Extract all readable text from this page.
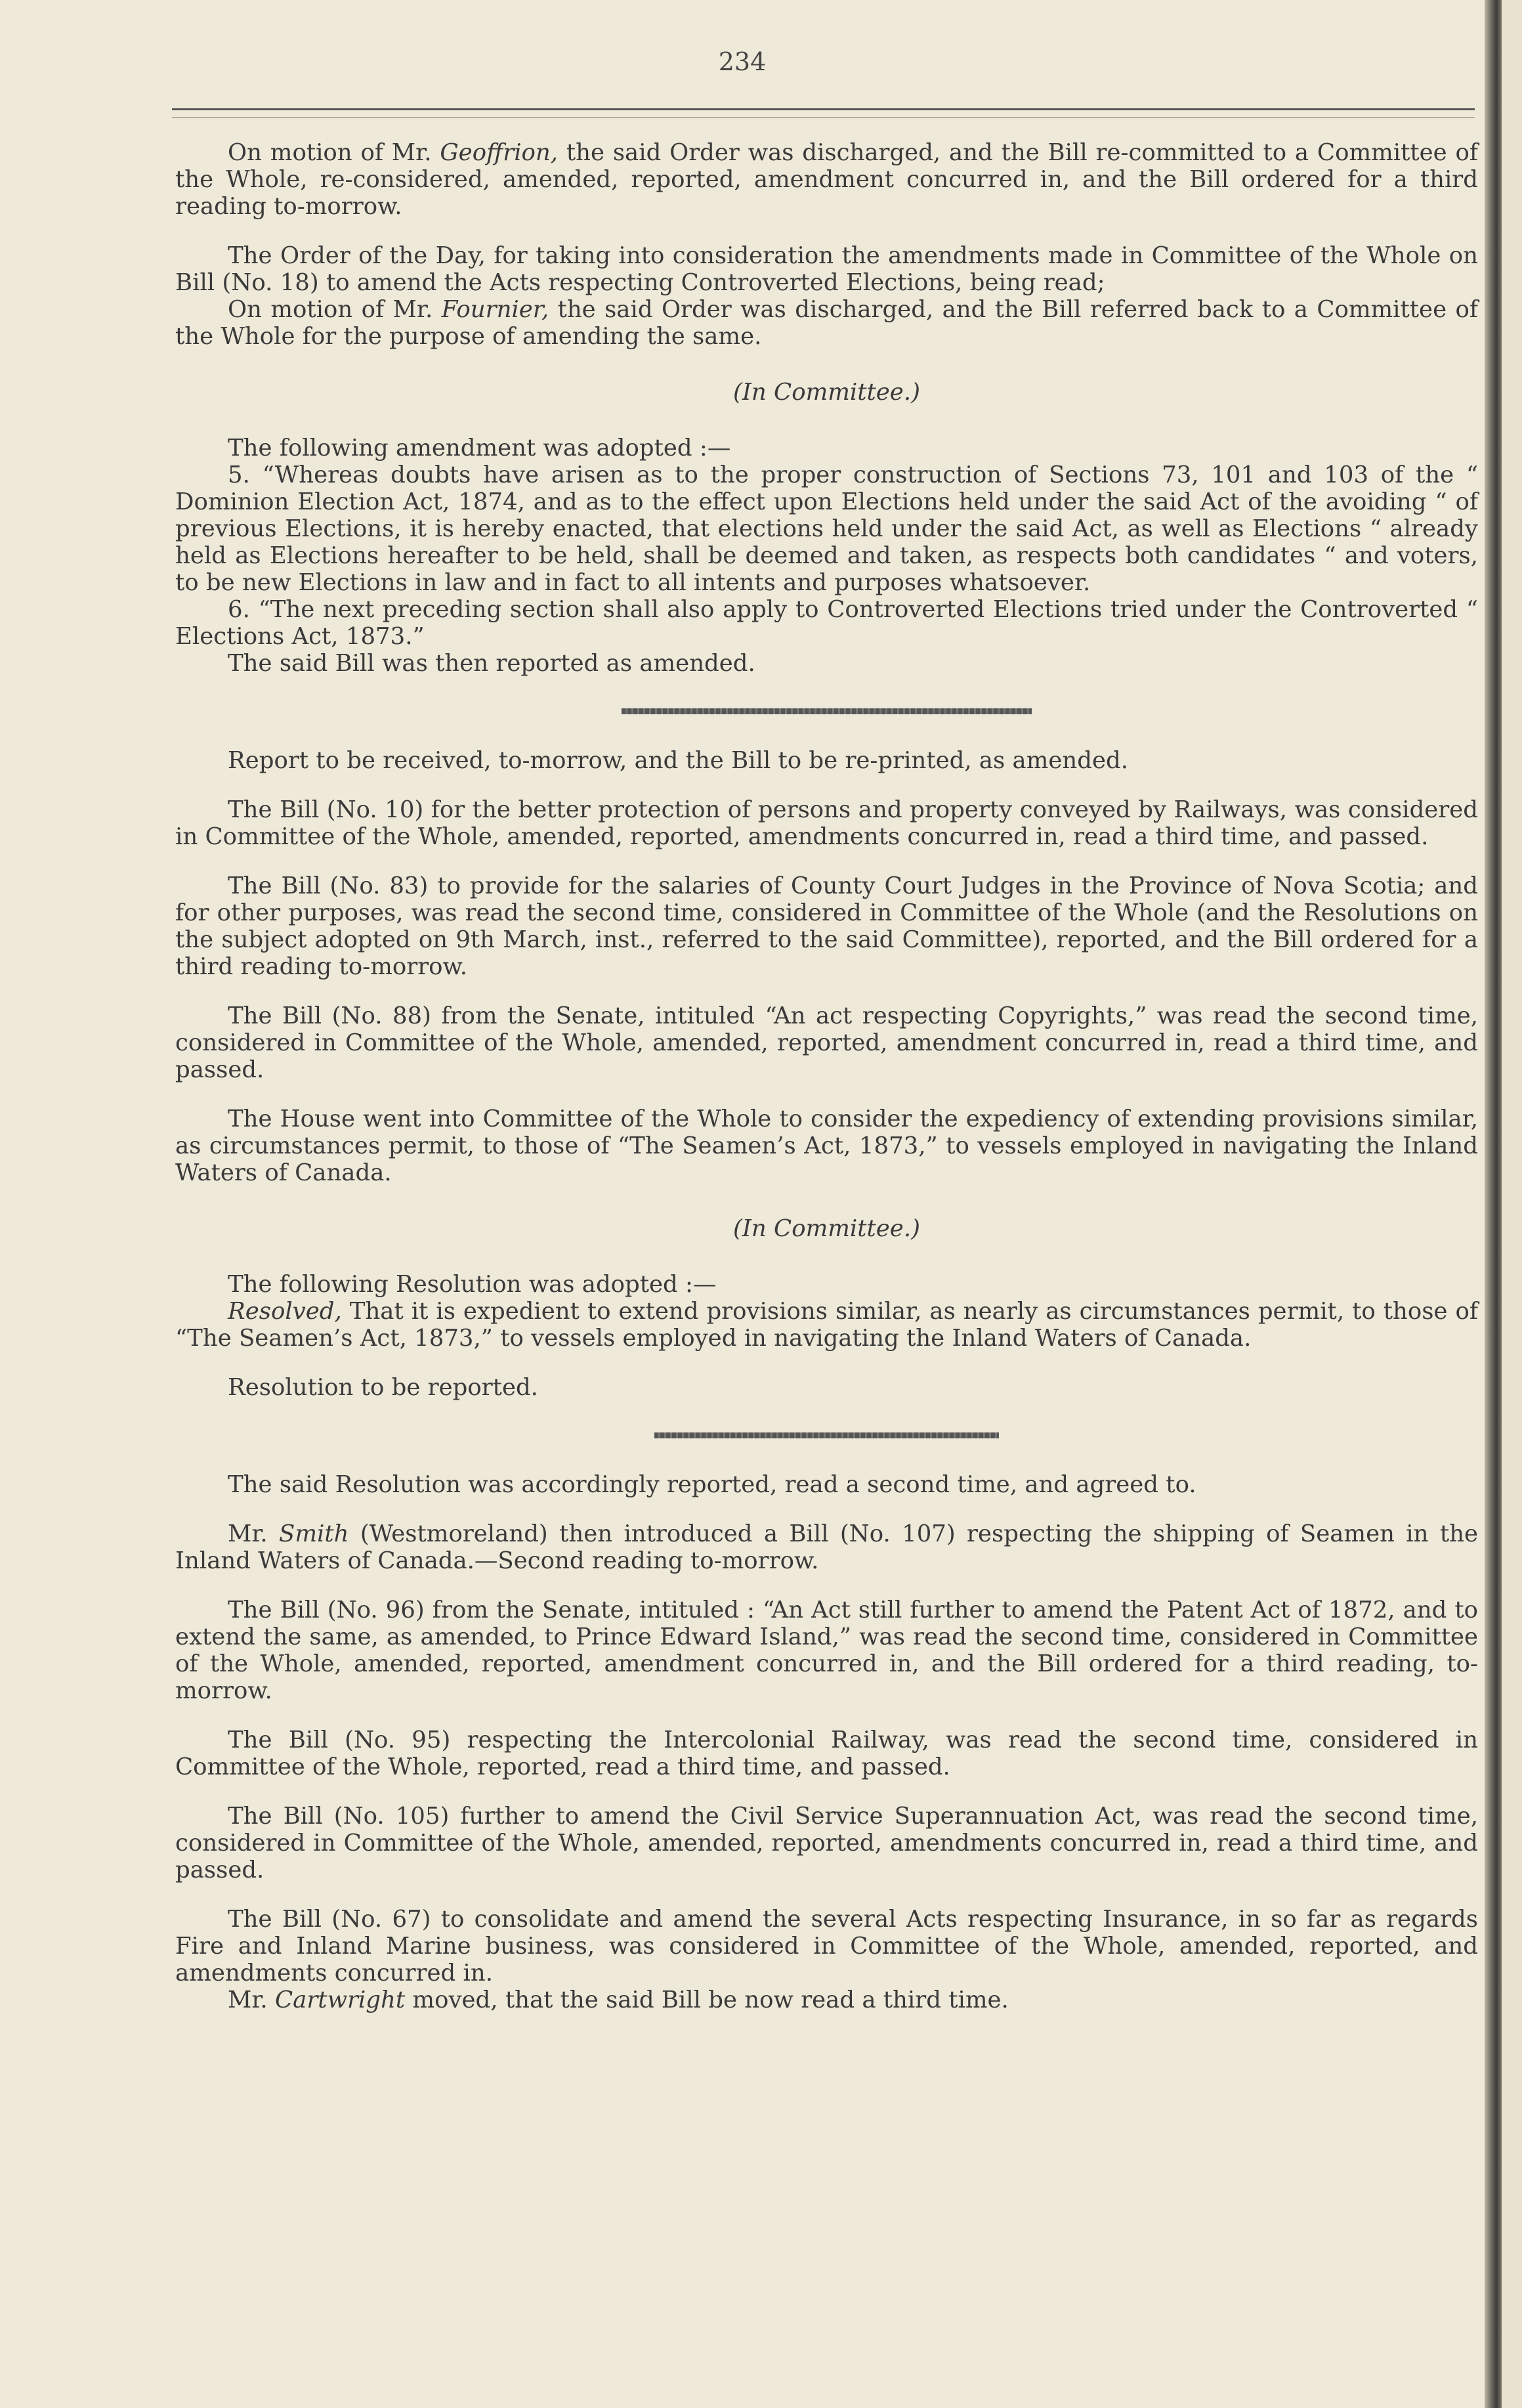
234

On motion of Mr. Geoffrion, the said Order was discharged, and the Bill re-committed to a Committee of the Whole, re-considered, amended, reported, amendment concurred in, and the Bill ordered for a third reading to-morrow.

The Order of the Day, for taking into consideration the amendments made in Committee of the Whole on Bill (No. 18) to amend the Acts respecting Controverted Elections, being read;

On motion of Mr. Fournier, the said Order was discharged, and the Bill referred back to a Committee of the Whole for the purpose of amending the same.

(In Committee.)

The following amendment was adopted :—

5. “Whereas doubts have arisen as to the proper construction of Sections 73, 101 and 103 of the “ Dominion Election Act, 1874, and as to the effect upon Elections held under the said Act of the avoiding “ of previous Elections, it is hereby enacted, that elections held under the said Act, as well as Elections “ already held as Elections hereafter to be held, shall be deemed and taken, as respects both candidates “ and voters, to be new Elections in law and in fact to all intents and purposes whatsoever.

6. “The next preceding section shall also apply to Controverted Elections tried under the Controverted “ Elections Act, 1873.”

The said Bill was then reported as amended.

Report to be received, to-morrow, and the Bill to be re-printed, as amended.

The Bill (No. 10) for the better protection of persons and property conveyed by Railways, was considered in Committee of the Whole, amended, reported, amendments concurred in, read a third time, and passed.

The Bill (No. 83) to provide for the salaries of County Court Judges in the Province of Nova Scotia; and for other purposes, was read the second time, considered in Committee of the Whole (and the Resolutions on the subject adopted on 9th March, inst., referred to the said Committee), reported, and the Bill ordered for a third reading to-morrow.

The Bill (No. 88) from the Senate, intituled “An act respecting Copyrights,” was read the second time, considered in Committee of the Whole, amended, reported, amendment concurred in, read a third time, and passed.

The House went into Committee of the Whole to consider the expediency of extending provisions similar, as circumstances permit, to those of “The Seamen’s Act, 1873,” to vessels employed in navigating the Inland Waters of Canada.

(In Committee.)

The following Resolution was adopted :—

Resolved, That it is expedient to extend provisions similar, as nearly as circumstances permit, to those of “The Seamen’s Act, 1873,” to vessels employed in navigating the Inland Waters of Canada.

Resolution to be reported.

The said Resolution was accordingly reported, read a second time, and agreed to.

Mr. Smith (Westmoreland) then introduced a Bill (No. 107) respecting the shipping of Seamen in the Inland Waters of Canada.—Second reading to-morrow.

The Bill (No. 96) from the Senate, intituled : “An Act still further to amend the Patent Act of 1872, and to extend the same, as amended, to Prince Edward Island,” was read the second time, considered in Committee of the Whole, amended, reported, amendment concurred in, and the Bill ordered for a third reading, to-morrow.

The Bill (No. 95) respecting the Intercolonial Railway, was read the second time, considered in Committee of the Whole, reported, read a third time, and passed.

The Bill (No. 105) further to amend the Civil Service Superannuation Act, was read the second time, considered in Committee of the Whole, amended, reported, amendments concurred in, read a third time, and passed.

The Bill (No. 67) to consolidate and amend the several Acts respecting Insurance, in so far as regards Fire and Inland Marine business, was considered in Committee of the Whole, amended, reported, and amendments concurred in.

Mr. Cartwright moved, that the said Bill be now read a third time.
